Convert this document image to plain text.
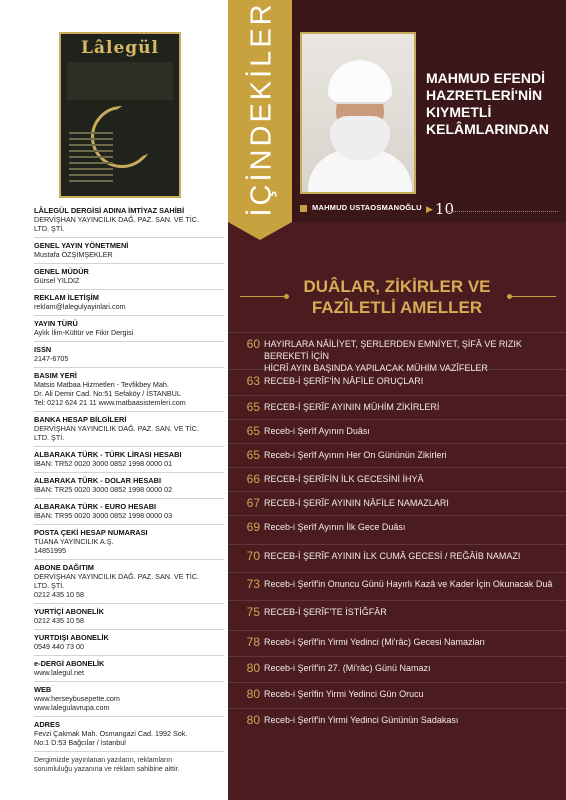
Lâlegül
LÂLEGÜL DERGİSİ ADINA İMTİYAZ SAHİBİ
DERVİŞHAN YAYINCILIK DAĞ. PAZ. SAN. VE TİC.
LTD. ŞTİ.
GENEL YAYIN YÖNETMENİ
Mustafa ÖZŞİMŞEKLER
GENEL MÜDÜR
Gürsel YILDIZ
REKLAM İLETİŞİM
reklam@lalegulyayinlari.com
YAYIN TÜRÜ
Aylık İlim-Kültür ve Fikir Dergisi
ISSN
2147-6705
BASIM YERİ
Matsis Matbaa Hizmetleri - Tevfikbey Mah.
Dr. Ali Demir Cad. No:51 Sefaköy / İSTANBUL
Tel: 0212 624 21 11 www.matbaasistemleri.com
BANKA HESAP BİLGİLERİ
DERVİŞHAN YAYINCILIK DAĞ. PAZ. SAN. VE TİC.
LTD. ŞTİ.
ALBARAKA TÜRK - TÜRK LİRASI HESABI
İBAN: TR52 0020 3000 0852 1998 0000 01
ALBARAKA TÜRK - DOLAR HESABI
İBAN: TR25 0020 3000 0852 1998 0000 02
ALBARAKA TÜRK - EURO HESABI
İBAN: TR95 0020 3000 0852 1998 0000 03
POSTA ÇEKİ HESAP NUMARASI
TUANA YAYINCILIK A.Ş.
14851995
ABONE DAĞITIM
DERVİŞHAN YAYINCILIK DAĞ. PAZ. SAN. VE TİC.
LTD. ŞTİ.
0212 435 10 58
YURTİÇİ ABONELİK
0212 435 10 58
YURTDIŞI ABONELİK
0549 440 73 00
e-DERGİ ABONELİK
www.lalegul.net
WEB
www.herseybusepette.com
www.lalegulavrupa.com
ADRES
Fevzi Çakmak Mah. Osmangazi Cad. 1992 Sok.
No:1 D:53 Bağcılar / İstanbul
Dergimizde yayınlanan yazıların, reklamların
sorumluluğu yazanına ve reklam sahibine aittir.
İÇİNDEKİLER	MAHMUD EFENDİ
HAZRETLERİ'NİN
KIYMETLİ
KELÂMLARINDAN
MAHMUD USTAOSMANOĞLU
▶ 10
DUÂLAR, ZİKİRLER VE
FAZÎLETLİ AMELLER
60 HAYIRLARA NÂİLİYET, ŞERLERDEN EMNİYET, ŞİFÂ VE RIZIK BEREKETİ İÇİN
HİCRÎ AYIN BAŞINDA YAPILACAK MÜHİM VAZÎFELER
63 RECEB-İ ŞERÎF'İN NÂFİLE ORUÇLARI
65 RECEB-İ ŞERÎF AYININ MÜHİM ZİKİRLERİ
65 Receb-i Şerîf Ayının Duâsı
65 Receb-i Şerîf Ayının Her On Gününün Zikirleri
66 RECEB-İ ŞERÎFİN İLK GECESİNİ İHYÂ
67 RECEB-İ ŞERÎF AYININ NÂFİLE NAMAZLARI
69 Receb-i Şerîf Ayının İlk Gece Duâsı
70 RECEB-İ ŞERÎF AYININ İLK CUMÂ GECESİ / REĞÂİB NAMAZI
73 Receb-i Şerîf'in Onuncu Günü Hayırlı Kazâ ve Kader İçin Okunacak Duâ
75 RECEB-İ ŞERÎF'TE İSTİĞFÂR
78 Receb-i Şerîf'in Yirmi Yedinci (Mi'râc) Gecesi Namazları
80 Receb-i Şerîf'in 27. (Mi'râc) Günü Namazı
80 Receb-i Şerîfin Yirmi Yedinci Gün Orucu
80 Receb-i Şerîf'in Yirmi Yedinci Gününün Sadakası
